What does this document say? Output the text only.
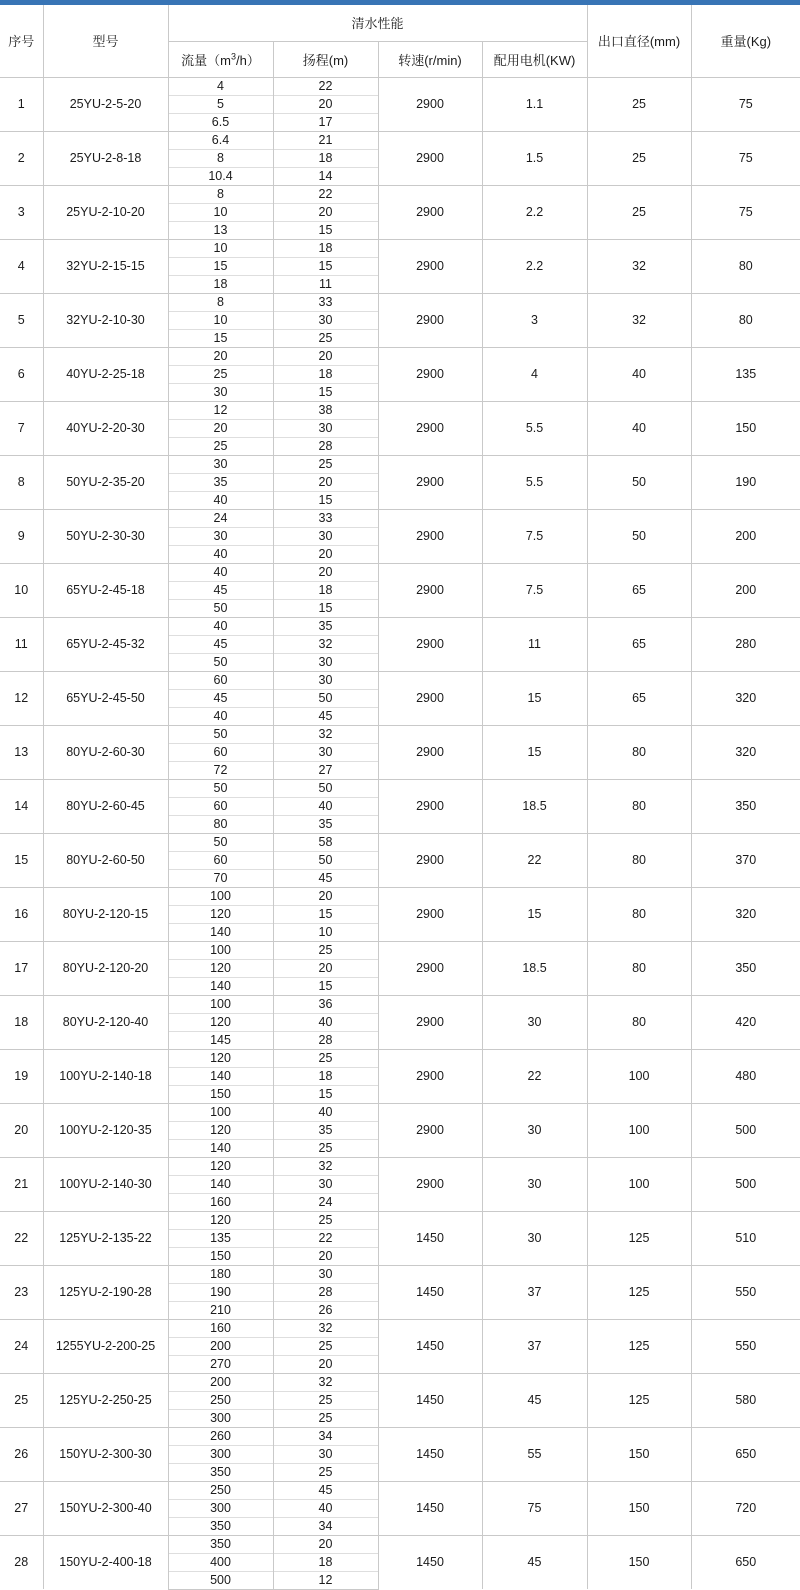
序号	型号	清水性能				出口直径(mm)	重量(Kg)
		流量$(m^3/h)$	扬程(m)	转速(r/min)	配用电机(KW)		
1	25YU-2-5-20	4	22	2900	1.1	25	75
		5	20				
		6.5	17				
2	25YU-2-8-18	6.4	21	2900	1.5	25	75
		8	18				
		10.4	14				
3	25YU-2-10-20	8	22	2900	2.2	25	75
		10	20				
		13	15				
4	32YU-2-15-15	10	18	2900	2.2	32	80
		15	15				
		18	11				
5	32YU-2-10-30	8	33	2900	3	32	80
		10	30				
		15	25				
6	40YU-2-25-18	20	20	2900	4	40	135
		25	18				
		30	15				
7	40YU-2-20-30	12	38	2900	5.5	40	150
		20	30				
		25	28				
8	50YU-2-35-20	30	25	2900	5.5	50	190
		35	20				
		40	15				
9	50YU-2-30-30	24	33	2900	7.5	50	200
		30	30				
		40	20				
10	65YU-2-45-18	40	20	2900	7.5	65	200
		45	18				
		50	15				
11	65YU-2-45-32	40	35	2900	11	65	280
		45	32				
		50	30				
12	65YU-2-45-50	60	30	2900	15	65	320
		45	50				
		40	45				
13	80YU-2-60-30	50	32	2900	15	80	320
		60	30				
		72	27				
14	80YU-2-60-45	50	50	2900	18.5	80	350
		60	40				
		80	35				
15	80YU-2-60-50	50	58	2900	22	80	370
		60	50				
		70	45				
16	80YU-2-120-15	100	20	2900	15	80	320
		120	15				
		140	10				
17	80YU-2-120-20	100	25	2900	18.5	80	350
		120	20				
		140	15				
18	80YU-2-120-40	100	36	2900	30	80	420
		120	40				
		145	28				
19	100YU-2-140-18	120	25	2900	22	100	480
		140	18				
		150	15				
20	100YU-2-120-35	100	40	2900	30	100	500
		120	35				
		140	25				
21	100YU-2-140-30	120	32	2900	30	100	500
		140	30				
		160	24				
22	125YU-2-135-22	120	25	1450	30	125	510
		135	22				
		150	20				
23	125YU-2-190-28	180	30	1450	37	125	550
		190	28				
		210	26				
24	1255YU-2-200-25	160	32	1450	37	125	550
		200	25				
		270	20				
25	125YU-2-250-25	200	32	1450	45	125	580
		250	25				
		300	25				
26	150YU-2-300-30	260	34	1450	55	150	650
		300	30				
		350	25				
27	150YU-2-300-40	250	45	1450	75	150	720
		300	40				
		350	34				
28	150YU-2-400-18	350	20	1450	45	150	650
		400	18				
		500	12				
